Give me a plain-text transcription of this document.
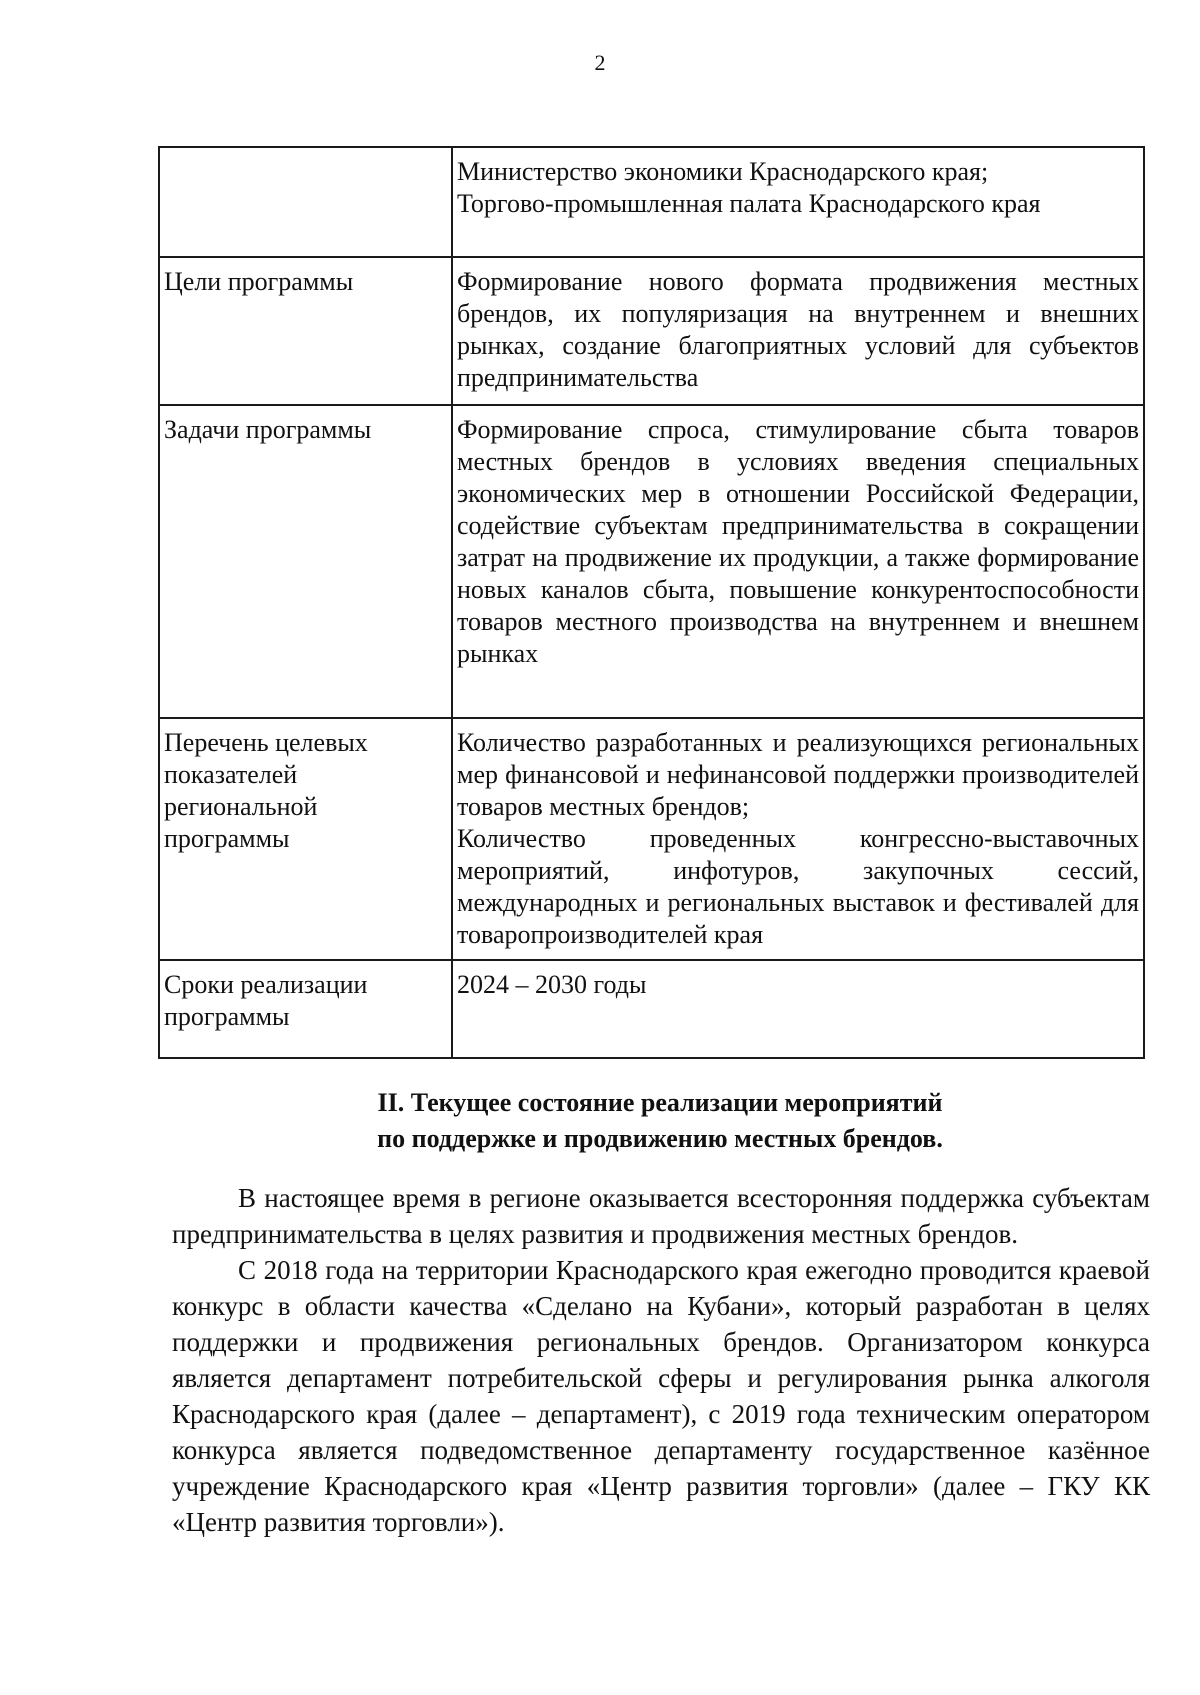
2

	Министерство экономики Краснодарского края;
Торгово-промышленная палата Краснодарского края

Цели программы	Формирование нового формата продвижения местных брендов, их популяризация на внутреннем и внешних рынках, создание благоприятных условий для субъектов предпринимательства

Задачи программы	Формирование спроса, стимулирование сбыта товаров местных брендов в условиях введения специальных экономических мер в отношении Российской Федерации, содействие субъектам предпринимательства в сокращении затрат на продвижение их продукции, а также формирование новых каналов сбыта, повышение конкурентоспособности товаров местного производства на внутреннем и внешнем рынках

Перечень целевых показателей региональной программы	Количество разработанных и реализующихся региональных мер финансовой и нефинансовой поддержки производителей товаров местных брендов;
Количество проведенных конгрессно-выставочных мероприятий, инфотуров, закупочных сессий, международных и региональных выставок и фестивалей для товаропроизводителей края

Сроки реализации программы	2024 – 2030 годы
II. Текущее состояние реализации мероприятий
по поддержке и продвижению местных брендов.

В настоящее время в регионе оказывается всесторонняя поддержка субъектам предпринимательства в целях развития и продвижения местных брендов.

С 2018 года на территории Краснодарского края ежегодно проводится краевой конкурс в области качества «Сделано на Кубани», который разработан в целях поддержки и продвижения региональных брендов. Организатором конкурса является департамент потребительской сферы и регулирования рынка алкоголя Краснодарского края (далее – департамент), с 2019 года техническим оператором конкурса является подведомственное департаменту государственное казённое учреждение Краснодарского края «Центр развития торговли» (далее – ГКУ КК «Центр развития торговли»).
